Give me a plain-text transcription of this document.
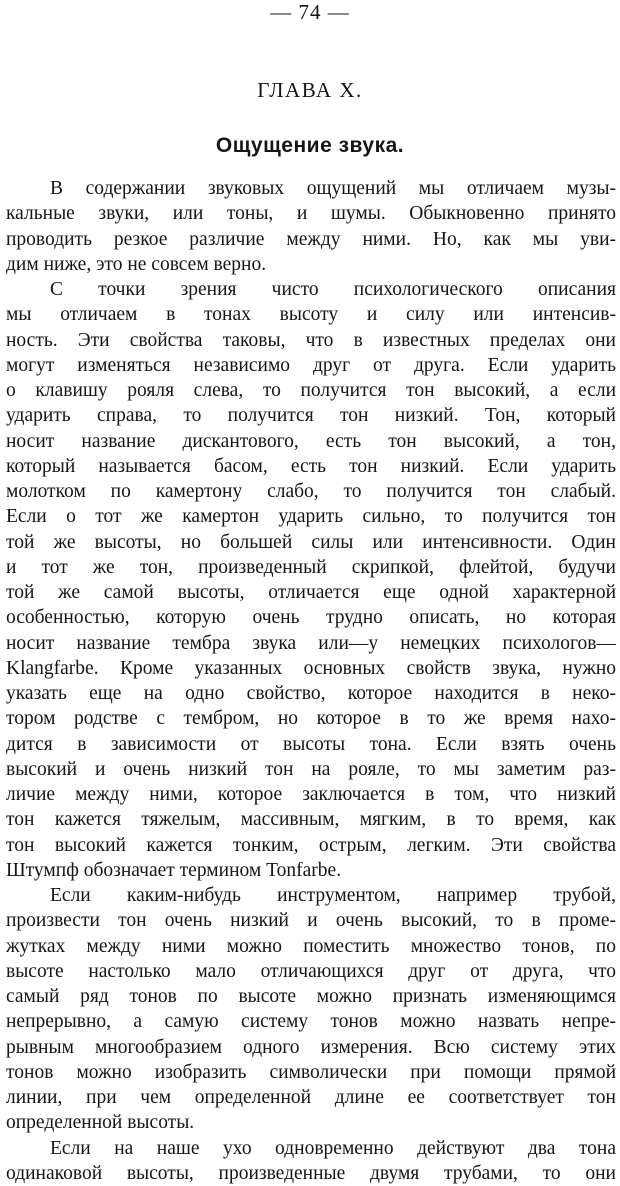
— 74 —
ГЛАВА X.
Ощущение звука.
В содержании звуковых ощущений мы отличаем музы-
кальные звуки, или тоны, и шумы. Обыкновенно принято
проводить резкое различие между ними. Но, как мы уви-
дим ниже, это не совсем верно.
С точки зрения чисто психологического описания
мы отличаем в тонах высоту и силу или интенсив-
ность. Эти свойства таковы, что в известных пределах они
могут изменяться независимо друг от друга. Если ударить
о клавишу рояля слева, то получится тон высокий, а если
ударить справа, то получится тон низкий. Тон, который
носит название дискантового, есть тон высокий, а тон,
который называется басом, есть тон низкий. Если ударить
молотком по камертону слабо, то получится тон слабый.
Если о тот же камертон ударить сильно, то получится тон
той же высоты, но большей силы или интенсивности. Один
и тот же тон, произведенный скрипкой, флейтой, будучи
той же самой высоты, отличается еще одной характерной
особенностью, которую очень трудно описать, но которая
носит название тембра звука или—у немецких психологов—
Klangfarbe. Кроме указанных основных свойств звука, нужно
указать еще на одно свойство, которое находится в неко-
тором родстве с тембром, но которое в то же время нахо-
дится в зависимости от высоты тона. Если взять очень
высокий и очень низкий тон на рояле, то мы заметим раз-
личие между ними, которое заключается в том, что низкий
тон кажется тяжелым, массивным, мягким, в то время, как
тон высокий кажется тонким, острым, легким. Эти свойства
Штумпф обозначает термином Tonfarbe.
Если каким-нибудь инструментом, например трубой,
произвести тон очень низкий и очень высокий, то в проме-
жутках между ними можно поместить множество тонов, по
высоте настолько мало отличающихся друг от друга, что
самый ряд тонов по высоте можно признать изменяющимся
непрерывно, а самую систему тонов можно назвать непре-
рывным многообразием одного измерения. Всю систему этих
тонов можно изобразить символически при помощи прямой
линии, при чем определенной длине ее соответствует тон
определенной высоты.
Если на наше ухо одновременно действуют два тона
одинаковой высоты, произведенные двумя трубами, то они
